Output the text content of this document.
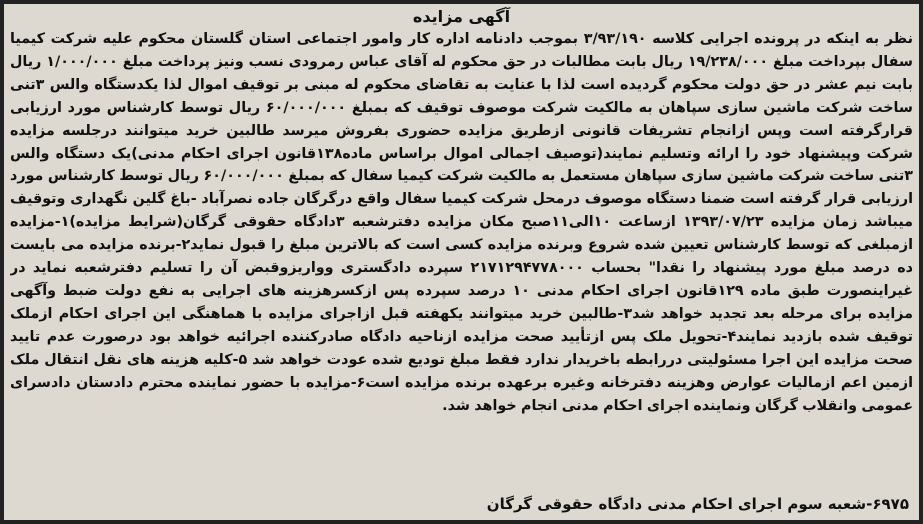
آگهی مزایده

نظر به اینکه در پرونده اجرایی کلاسه ۳/۹۳/۱۹۰ بموجب دادنامه اداره کار وامور اجتماعی استان گلستان محکوم علیه شرکت کیمیا سفال بپرداخت مبلغ ۱۹/۲۳۸/۰۰۰ ریال بابت مطالبات در حق محکوم له آقای عباس رمرودی نسب ونیز پرداخت مبلغ ۱/۰۰۰/۰۰۰ ریال بابت نیم عشر در حق دولت محکوم گردیده است لذا با عنایت به تقاضای محکوم له مبنی بر توقیف اموال لذا یکدستگاه والس ۳تنی ساخت شرکت ماشین سازی سپاهان به مالکیت شرکت موصوف توقیف که بمبلغ ۶۰/۰۰۰/۰۰۰ ریال توسط کارشناس مورد ارزیابی قرارگرفته است وپس ازانجام تشریفات قانونی ازطریق مزایده حضوری بفروش میرسد طالبین خرید میتوانند درجلسه مزایده شرکت وپیشنهاد خود را ارائه وتسلیم نمایند(توصیف اجمالی اموال براساس ماده۱۳۸قانون اجرای احکام مدنی)یک دستگاه والس ۳تنی ساخت شرکت ماشین سازی سپاهان مستعمل به مالکیت شرکت کیمیا سفال که بمبلغ ۶۰/۰۰۰/۰۰۰ ریال توسط کارشناس مورد ارزیابی قرار گرفته است ضمنا دستگاه موصوف درمحل شرکت کیمیا سفال واقع درگرگان جاده نصرآباد -باغ گلین نگهداری وتوقیف میباشد زمان مزایده ۱۳۹۳/۰۷/۲۳ ازساعت ۱۰الی۱۱صبح مکان مزایده دفترشعبه ۳دادگاه حقوقی گرگان(شرایط مزایده)۱-مزایده ازمبلغی که توسط کارشناس تعیین شده شروع وبرنده مزایده کسی است که بالاترین مبلغ را قبول نماید۲-برنده مزایده می بایست ده درصد مبلغ مورد پیشنهاد را نقدا" بحساب ۲۱۷۱۲۹۴۷۷۸۰۰۰ سپرده دادگستری وواریزوقبض آن را تسلیم دفترشعبه نماید در غیراینصورت طبق ماده ۱۲۹قانون اجرای احکام مدنی ۱۰ درصد سپرده پس ازکسرهزینه های اجرایی به نفع دولت ضبط وآگهی مزایده برای مرحله بعد تجدید خواهد شد۳-طالبین خرید میتوانند یکهفته قبل ازاجرای مزایده با هماهنگی این اجرای احکام ازملک توقیف شده بازدید نمایند۴-تحویل ملک پس ازتأیید صحت مزایده ازناحیه دادگاه صادرکننده اجرائیه خواهد بود درصورت عدم تایید صحت مزایده این اجرا مسئولیتی دررابطه باخریدار ندارد فقط مبلغ تودیع شده عودت خواهد شد ۵-کلیه هزینه های نقل انتقال ملک ازمین اعم ازمالیات عوارض وهزینه دفترخانه وغیره برعهده برنده مزایده است۶-مزایده با حضور نماینده محترم دادستان دادسرای عمومی وانقلاب گرگان ونماینده اجرای احکام مدنی انجام خواهد شد.

۶۹۷۵-شعبه سوم اجرای احکام مدنی دادگاه حقوقی گرگان
